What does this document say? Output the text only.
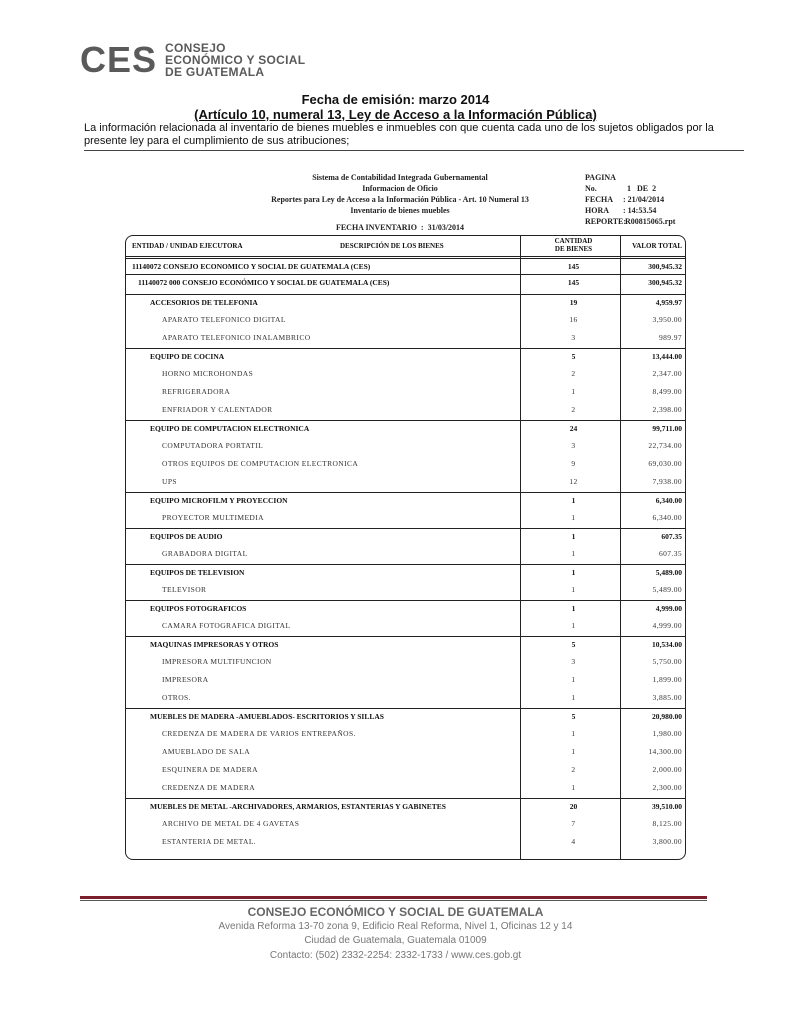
CES CONSEJO
ECONÓMICO Y SOCIAL
DE GUATEMALA
Fecha de emisión: marzo 2014
(Artículo 10, numeral 13, Ley de Acceso a la Información Pública)
La información relacionada al inventario de bienes muebles e inmuebles con que cuenta cada uno de los sujetos obligados por la presente ley para el cumplimiento de sus atribuciones;
Sistema de Contabilidad Integrada Gubernamental
Informacion de Oficio
Reportes para Ley de Acceso a la Información Pública - Art. 10 Numeral 13
Inventario de bienes muebles
FECHA INVENTARIO  :  31/03/2014
PAGINA No.	1 DE 2
FECHA : 21/04/2014
HORA : 14:53.54
REPORTE: R00815065.rpt
ENTIDAD / UNIDAD EJECUTORA	DESCRIPCIÓN DE LOS BIENES
CANTIDAD
DE BIENES	VALOR TOTAL
11140072 CONSEJO ECONOMICO Y SOCIAL DE GUATEMALA (CES)	145	300,945.32
11140072 000 CONSEJO ECONÓMICO Y SOCIAL DE GUATEMALA (CES)	145	300,945.32
ACCESORIOS DE TELEFONIA	19	4,959.97
APARATO TELEFONICO DIGITAL	16	3,950.00
APARATO TELEFONICO INALAMBRICO	3	989.97
EQUIPO DE COCINA	5	13,444.00
HORNO MICROHONDAS	2	2,347.00
REFRIGERADORA	1	8,499.00
ENFRIADOR Y CALENTADOR	2	2,398.00
EQUIPO DE COMPUTACION ELECTRONICA	24	99,711.00
COMPUTADORA PORTATIL	3	22,734.00
OTROS EQUIPOS DE COMPUTACION ELECTRONICA	9	69,030.00
UPS	12	7,938.00
EQUIPO MICROFILM Y PROYECCION	1	6,340.00
PROYECTOR MULTIMEDIA	1	6,340.00
EQUIPOS DE AUDIO	1	607.35
GRABADORA DIGITAL	1	607.35
EQUIPOS DE TELEVISION	1	5,489.00
TELEVISOR	1	5,489.00
EQUIPOS FOTOGRAFICOS	1	4,999.00
CAMARA FOTOGRAFICA DIGITAL	1	4,999.00
MAQUINAS IMPRESORAS Y OTROS	5	10,534.00
IMPRESORA MULTIFUNCION	3	5,750.00
IMPRESORA	1	1,899.00
OTROS.	1	3,885.00
MUEBLES DE MADERA -AMUEBLADOS- ESCRITORIOS Y SILLAS	5	20,980.00
CREDENZA DE MADERA DE VARIOS ENTREPAÑOS.	1	1,980.00
AMUEBLADO DE SALA	1	14,300.00
ESQUINERA DE MADERA	2	2,000.00
CREDENZA DE MADERA	1	2,300.00
MUEBLES DE METAL -ARCHIVADORES, ARMARIOS, ESTANTERIAS Y GABINETES	20	39,510.00
ARCHIVO DE METAL DE 4 GAVETAS	7	8,125.00
ESTANTERIA DE METAL.	4	3,800.00
CONSEJO ECONÓMICO Y SOCIAL DE GUATEMALA
Avenida Reforma 13-70 zona 9, Edificio Real Reforma, Nivel 1, Oficinas 12 y 14
Ciudad de Guatemala, Guatemala 01009
Contacto: (502) 2332-2254: 2332-1733 / www.ces.gob.gt
